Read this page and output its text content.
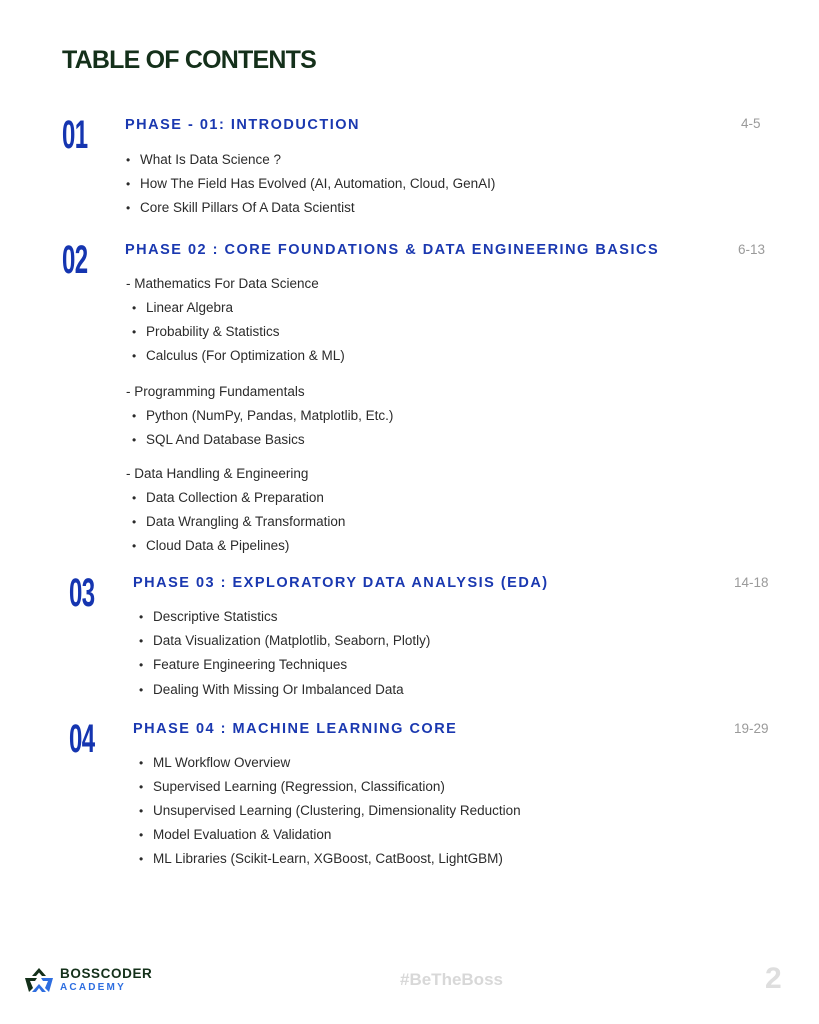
TABLE OF CONTENTS
01	PHASE - 01: INTRODUCTION	4-5
• What Is Data Science ?
• How The Field Has Evolved (AI, Automation, Cloud, GenAI)
• Core Skill Pillars Of A Data Scientist
02	PHASE 02 : CORE FOUNDATIONS & DATA ENGINEERING BASICS	6-13
- Mathematics For Data Science
• Linear Algebra
• Probability & Statistics
• Calculus (For Optimization & ML)
- Programming Fundamentals
• Python (NumPy, Pandas, Matplotlib, Etc.)
• SQL And Database Basics
- Data Handling & Engineering
• Data Collection & Preparation
• Data Wrangling & Transformation
• Cloud Data & Pipelines)
03	PHASE 03 : EXPLORATORY DATA ANALYSIS (EDA)	14-18
• Descriptive Statistics
• Data Visualization (Matplotlib, Seaborn, Plotly)
• Feature Engineering Techniques
• Dealing With Missing Or Imbalanced Data
04	PHASE 04 : MACHINE LEARNING CORE	19-29
• ML Workflow Overview
• Supervised Learning (Regression, Classification)
• Unsupervised Learning (Clustering, Dimensionality Reduction
• Model Evaluation & Validation
• ML Libraries (Scikit-Learn, XGBoost, CatBoost, LightGBM)
BOSSCODER
ACADEMY	#BeTheBoss	2
